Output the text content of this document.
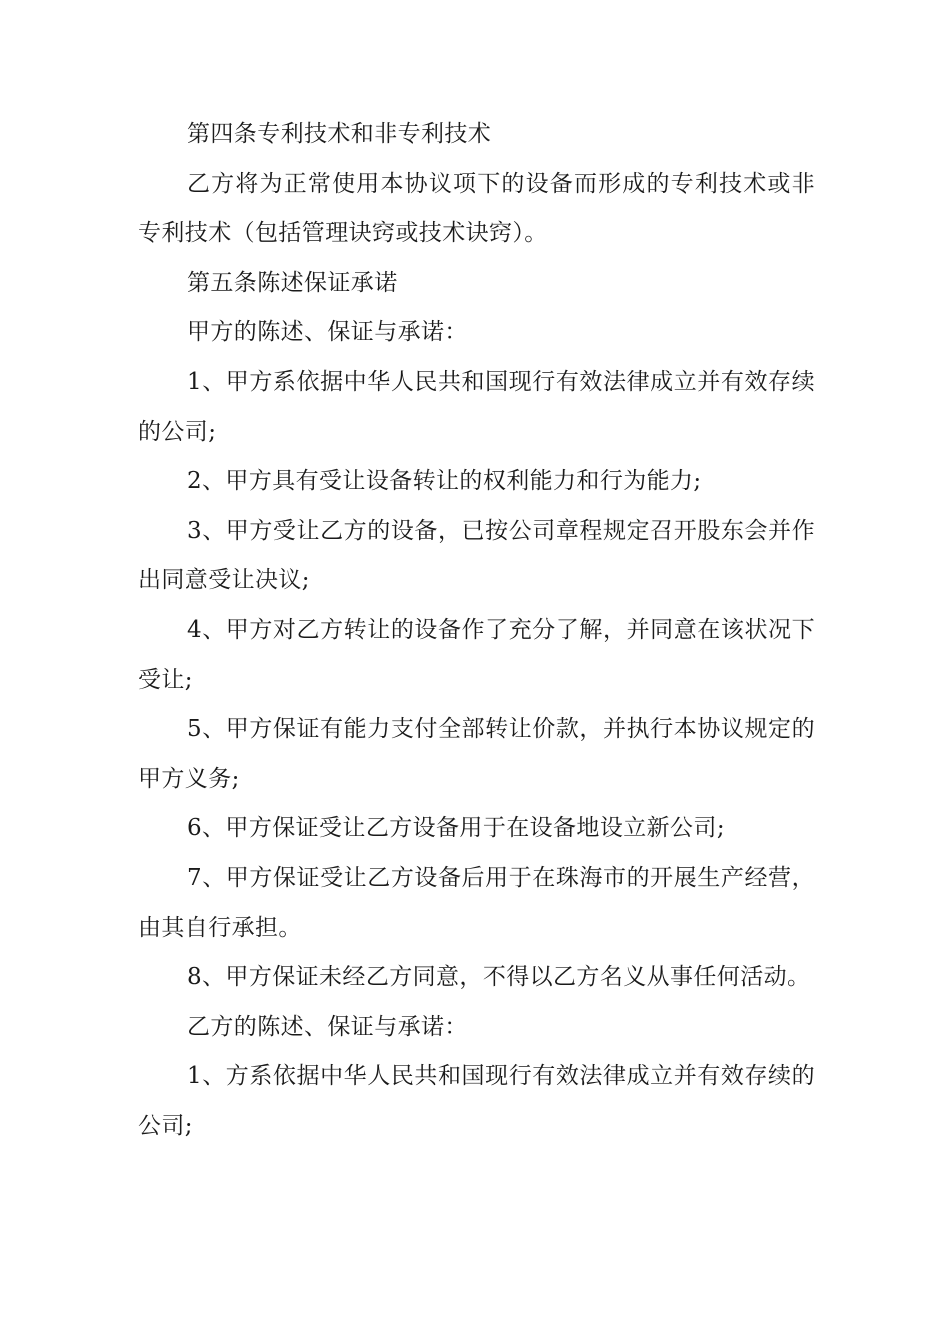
第四条专利技术和非专利技术

乙方将为正常使用本协议项下的设备而形成的专利技术或非专利技术（包括管理诀窍或技术诀窍）。

第五条陈述保证承诺

甲方的陈述、保证与承诺：

1、甲方系依据中华人民共和国现行有效法律成立并有效存续的公司;

2、甲方具有受让设备转让的权利能力和行为能力;

3、甲方受让乙方的设备，已按公司章程规定召开股东会并作出同意受让决议;

4、甲方对乙方转让的设备作了充分了解，并同意在该状况下受让;

5、甲方保证有能力支付全部转让价款，并执行本协议规定的甲方义务;

6、甲方保证受让乙方设备用于在设备地设立新公司;

7、甲方保证受让乙方设备后用于在珠海市的开展生产经营，由其自行承担。

8、甲方保证未经乙方同意，不得以乙方名义从事任何活动。

乙方的陈述、保证与承诺：

1、方系依据中华人民共和国现行有效法律成立并有效存续的公司;
